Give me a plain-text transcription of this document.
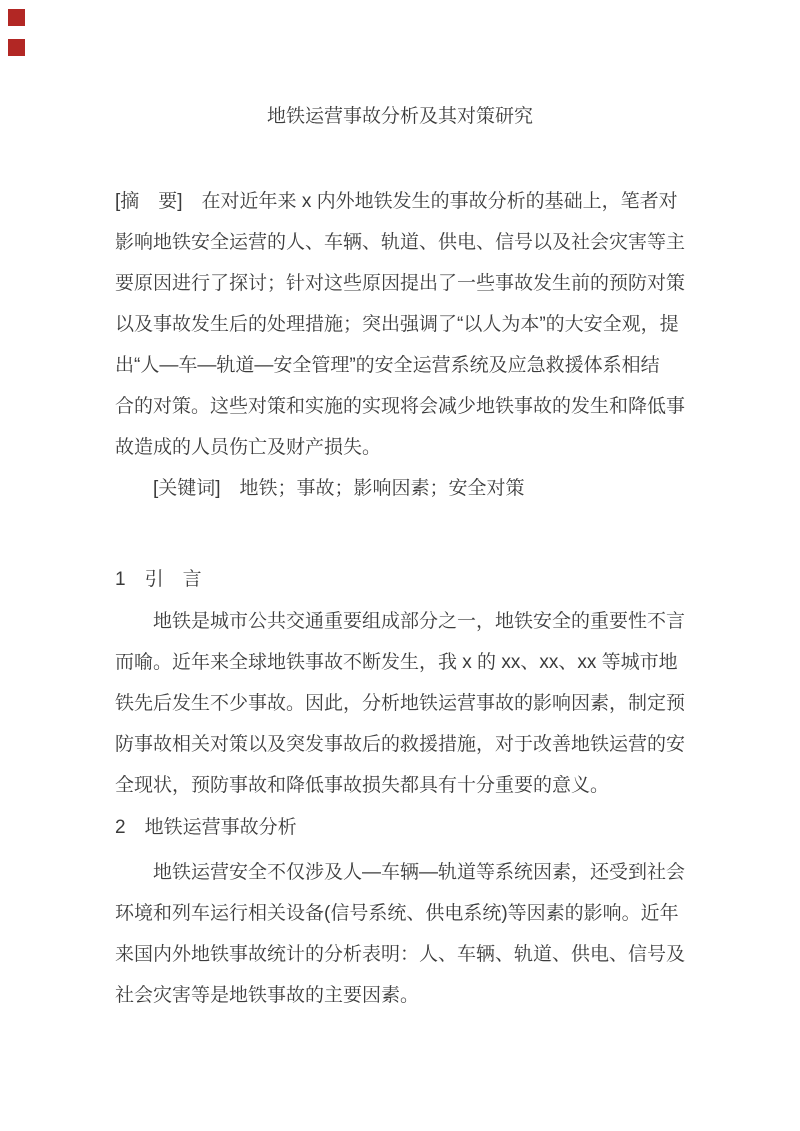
地铁运营事故分析及其对策研究
[摘　要]　在对近年来 x 内外地铁发生的事故分析的基础上，笔者对
影响地铁安全运营的人、车辆、轨道、供电、信号以及社会灾害等主
要原因进行了探讨；针对这些原因提出了一些事故发生前的预防对策
以及事故发生后的处理措施；突出强调了“以人为本”的大安全观，提
出“人—车—轨道—安全管理”的安全运营系统及应急救援体系相结
合的对策。这些对策和实施的实现将会减少地铁事故的发生和降低事
故造成的人员伤亡及财产损失。
　　[关键词]　地铁；事故；影响因素；安全对策
1　引　言
　　地铁是城市公共交通重要组成部分之一，地铁安全的重要性不言
而喻。近年来全球地铁事故不断发生，我 x 的 xx、xx、xx 等城市地
铁先后发生不少事故。因此，分析地铁运营事故的影响因素，制定预
防事故相关对策以及突发事故后的救援措施，对于改善地铁运营的安
全现状，预防事故和降低事故损失都具有十分重要的意义。
2　地铁运营事故分析
　　地铁运营安全不仅涉及人—车辆—轨道等系统因素，还受到社会
环境和列车运行相关设备(信号系统、供电系统)等因素的影响。近年
来国内外地铁事故统计的分析表明：人、车辆、轨道、供电、信号及
社会灾害等是地铁事故的主要因素。
